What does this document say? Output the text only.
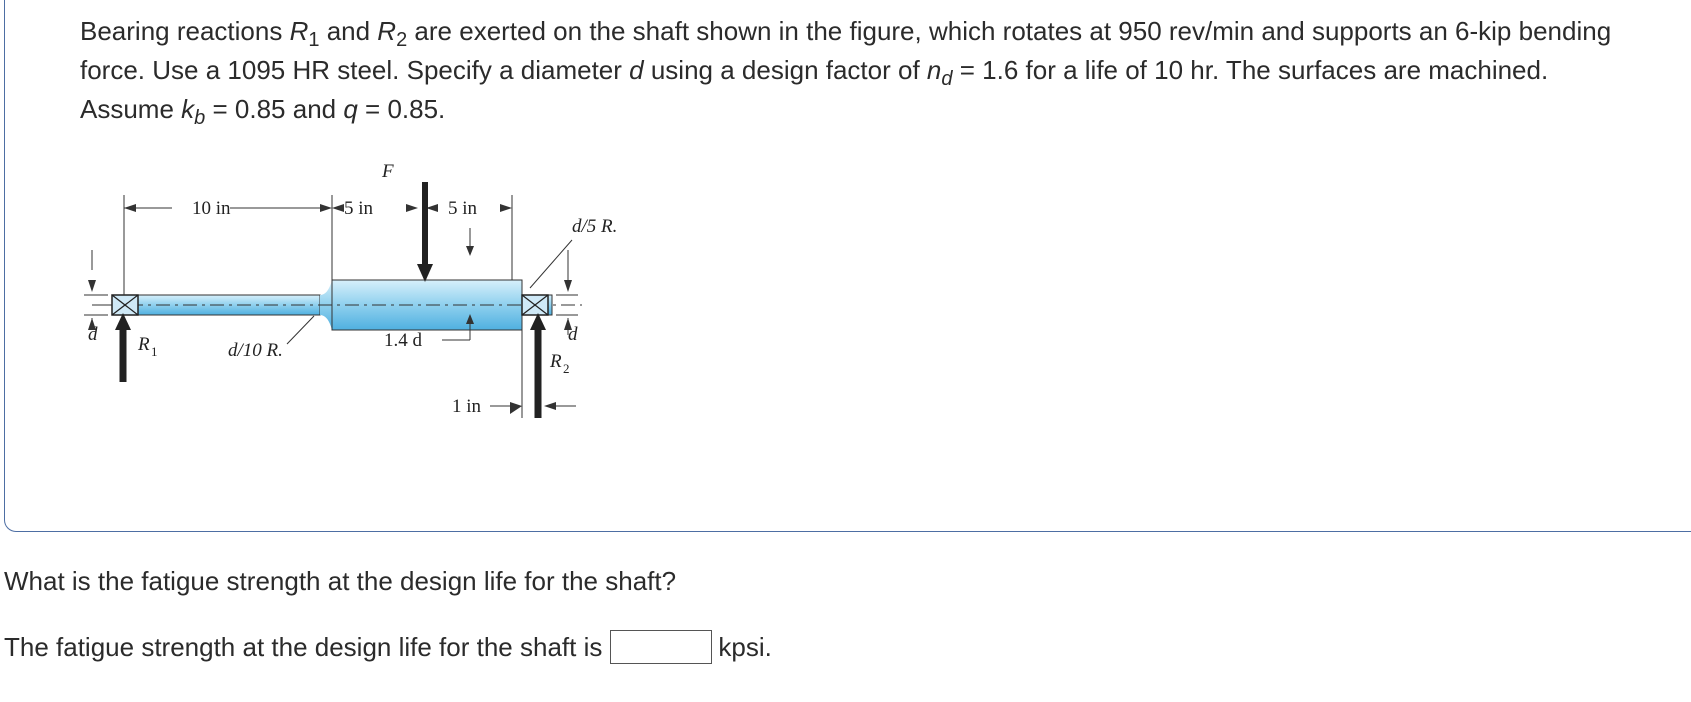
Bearing reactions $R_1$ and $R_2$ are exerted on the shaft shown in the figure, which rotates at 950 rev/min and supports an 6-kip bending force. Use a 1095 HR steel. Specify a diameter d using a design factor of $n_d = 1.6$ for a life of 10 hr. The surfaces are machined. Assume $k_b = 0.85$ and q = 0.85.
10 in	5 in	5 in
F
1.4 d
d/5 R.
d/10 R.
d	d
R 1	R 2
1 in
What is the fatigue strength at the design life for the shaft?
The fatigue strength at the design life for the shaft is	kpsi.
